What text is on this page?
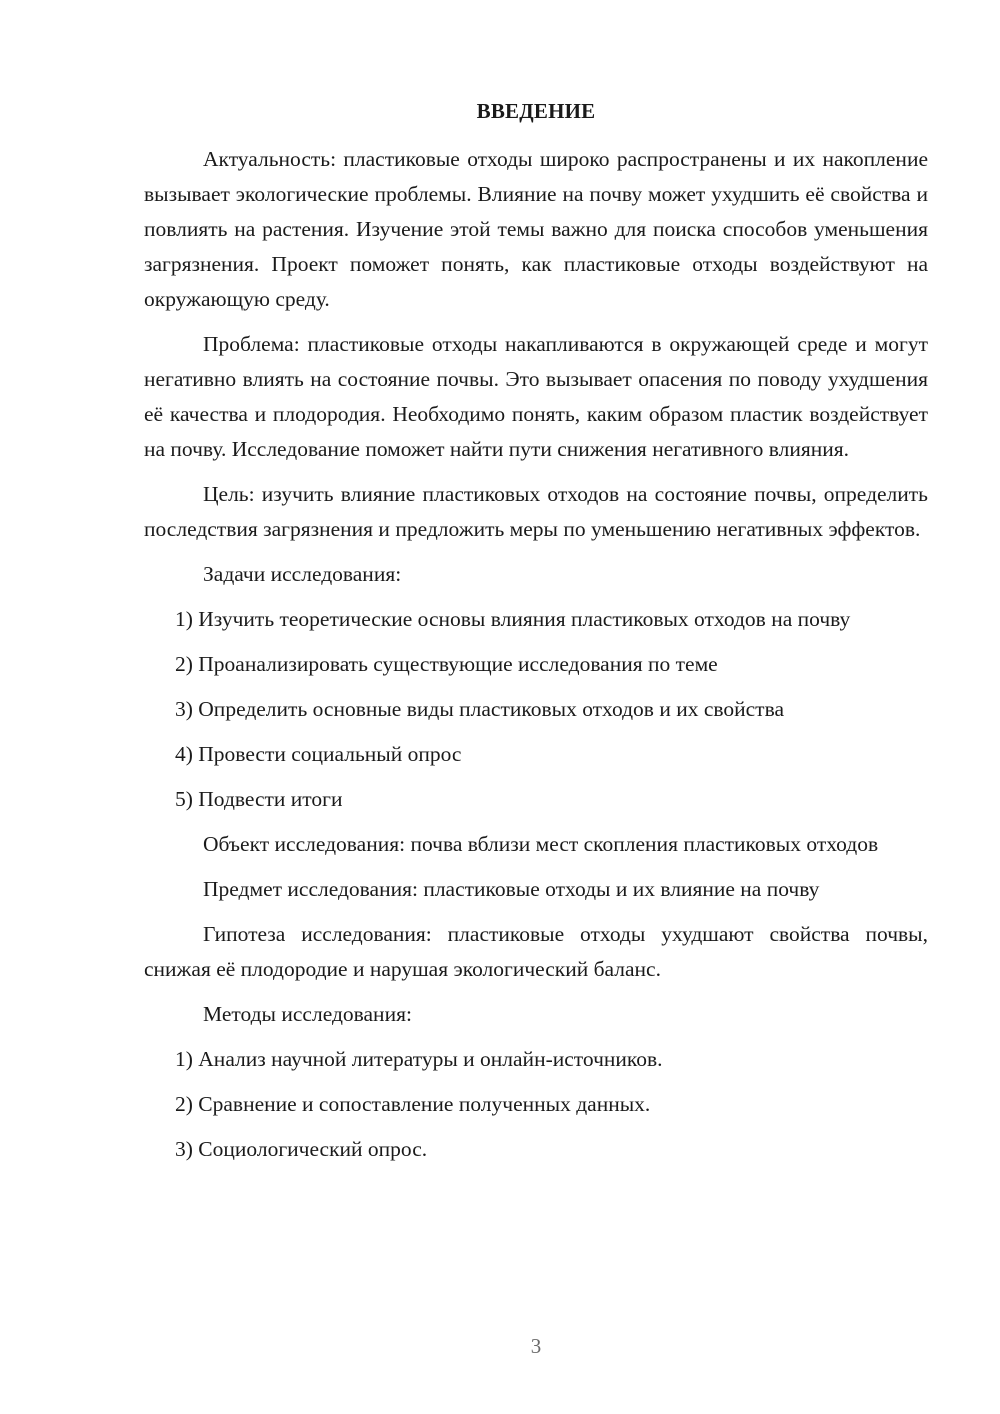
ВВЕДЕНИЕ

Актуальность: пластиковые отходы широко распространены и их накопление вызывает экологические проблемы. Влияние на почву может ухудшить её свойства и повлиять на растения. Изучение этой темы важно для поиска способов уменьшения загрязнения. Проект поможет понять, как пластиковые отходы воздействуют на окружающую среду.

Проблема: пластиковые отходы накапливаются в окружающей среде и могут негативно влиять на состояние почвы. Это вызывает опасения по поводу ухудшения её качества и плодородия. Необходимо понять, каким образом пластик воздействует на почву. Исследование поможет найти пути снижения негативного влияния.

Цель: изучить влияние пластиковых отходов на состояние почвы, определить последствия загрязнения и предложить меры по уменьшению негативных эффектов.

Задачи исследования:

1) Изучить теоретические основы влияния пластиковых отходов на почву

2) Проанализировать существующие исследования по теме

3) Определить основные виды пластиковых отходов и их свойства

4) Провести социальный опрос

5) Подвести итоги

Объект исследования: почва вблизи мест скопления пластиковых отходов

Предмет исследования: пластиковые отходы и их влияние на почву

Гипотеза исследования: пластиковые отходы ухудшают свойства почвы, снижая её плодородие и нарушая экологический баланс.

Методы исследования:

1) Анализ научной литературы и онлайн-источников.

2) Сравнение и сопоставление полученных данных.

3) Социологический опрос.

3
